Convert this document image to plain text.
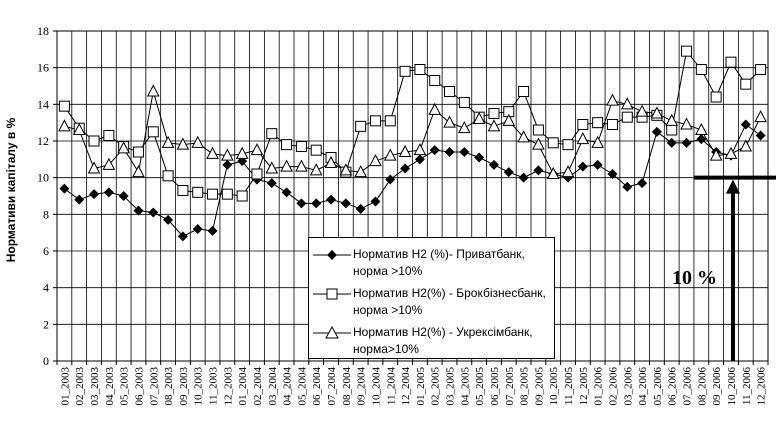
0
2
4
6
8
10
12
14
16
18
01_2003 02_2003 03_2003 04_2003 05_2003 06_2003 07_2003 08_2003 09_2003 10_2003 11_2003 12_2003 01_2004 02_2004 03_2004 04_2004 05_2004 06_2004 07_2004 08_2004 09_2004 10_2004 11_2004 12_2004 01_2005 02_2005 03_2005 04_2005 05_2005 06_2005 07_2005 08_2005 09_2005 10_2005 11_2005 12_2005 01_2006 02_2006 03_2006 04_2006 05_2006 06_2006 07_2006 08_2006 09_2006 10_2006 11_2006 12_2006
Нормативи капіталу в %	Норматив Н2 (%)- Приватбанк, норма >10%
Норматив Н2(%) - Брокбізнесбанк, норма >10%
Норматив Н2(%) - Укрексімбанк, норма>10%
10 %
